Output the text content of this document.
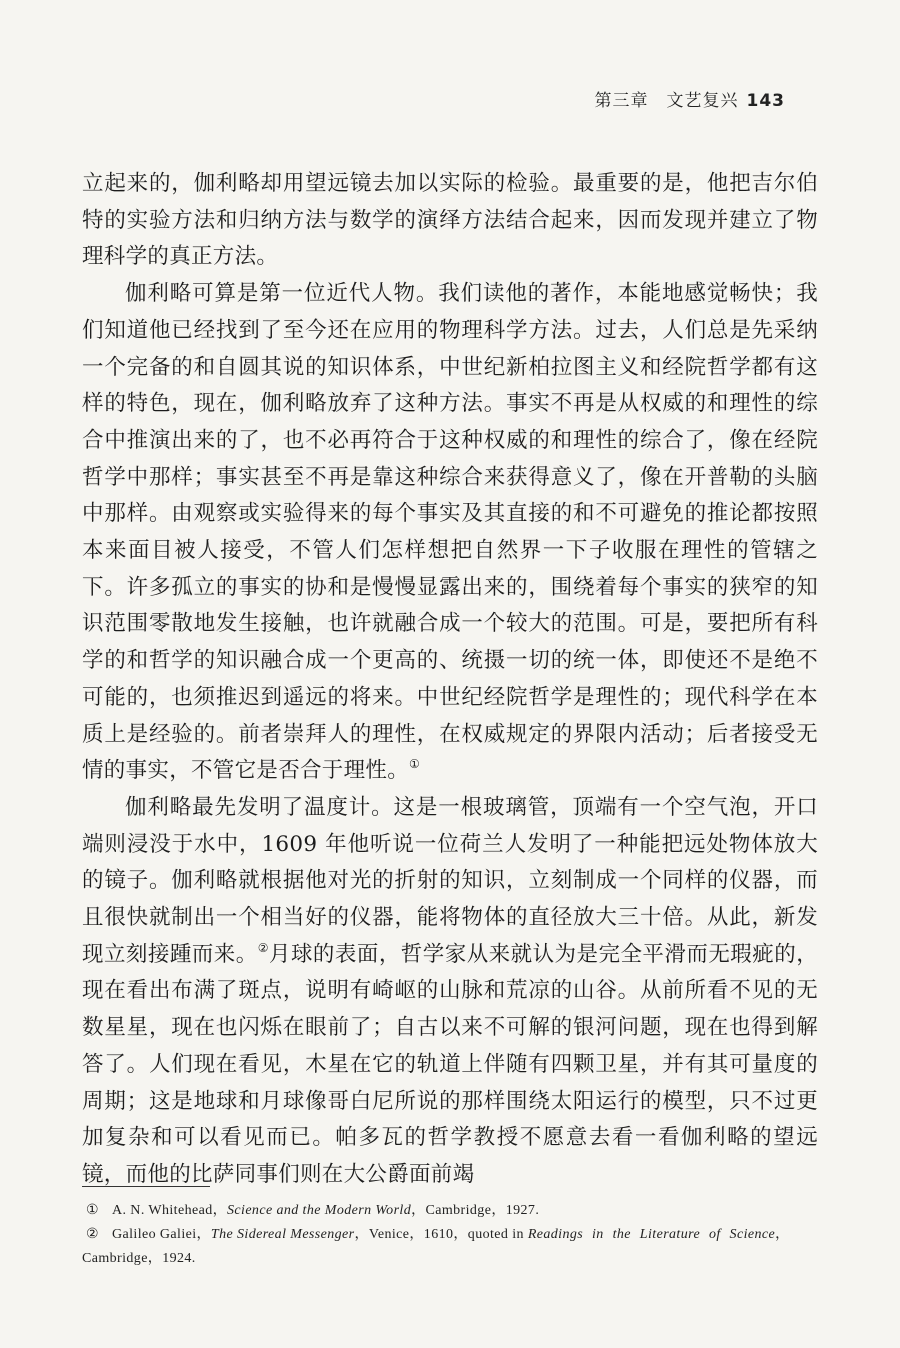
第三章　文艺复兴 143

立起来的，伽利略却用望远镜去加以实际的检验。最重要的是，他把吉尔伯特的实验方法和归纳方法与数学的演绎方法结合起来，因而发现并建立了物理科学的真正方法。

伽利略可算是第一位近代人物。我们读他的著作，本能地感觉畅快；我们知道他已经找到了至今还在应用的物理科学方法。过去，人们总是先采纳一个完备的和自圆其说的知识体系，中世纪新柏拉图主义和经院哲学都有这样的特色，现在，伽利略放弃了这种方法。事实不再是从权威的和理性的综合中推演出来的了，也不必再符合于这种权威的和理性的综合了，像在经院哲学中那样；事实甚至不再是靠这种综合来获得意义了，像在开普勒的头脑中那样。由观察或实验得来的每个事实及其直接的和不可避免的推论都按照本来面目被人接受，不管人们怎样想把自然界一下子收服在理性的管辖之下。许多孤立的事实的协和是慢慢显露出来的，围绕着每个事实的狭窄的知识范围零散地发生接触，也许就融合成一个较大的范围。可是，要把所有科学的和哲学的知识融合成一个更高的、统摄一切的统一体，即使还不是绝不可能的，也须推迟到遥远的将来。中世纪经院哲学是理性的；现代科学在本质上是经验的。前者崇拜人的理性，在权威规定的界限内活动；后者接受无情的事实，不管它是否合于理性。①

伽利略最先发明了温度计。这是一根玻璃管，顶端有一个空气泡，开口端则浸没于水中，1609 年他听说一位荷兰人发明了一种能把远处物体放大的镜子。伽利略就根据他对光的折射的知识，立刻制成一个同样的仪器，而且很快就制出一个相当好的仪器，能将物体的直径放大三十倍。从此，新发现立刻接踵而来。②月球的表面，哲学家从来就认为是完全平滑而无瑕疵的，现在看出布满了斑点，说明有崎岖的山脉和荒凉的山谷。从前所看不见的无数星星，现在也闪烁在眼前了；自古以来不可解的银河问题，现在也得到解答了。人们现在看见，木星在它的轨道上伴随有四颗卫星，并有其可量度的周期；这是地球和月球像哥白尼所说的那样围绕太阳运行的模型，只不过更加复杂和可以看见而已。帕多瓦的哲学教授不愿意去看一看伽利略的望远镜，而他的比萨同事们则在大公爵面前竭

① A. N. Whitehead，Science and the Modern World，Cambridge，1927.

② Galileo Galiei，The Sidereal Messenger，Venice，1610，quoted in Readings in the Literature of Science，Cambridge，1924.
